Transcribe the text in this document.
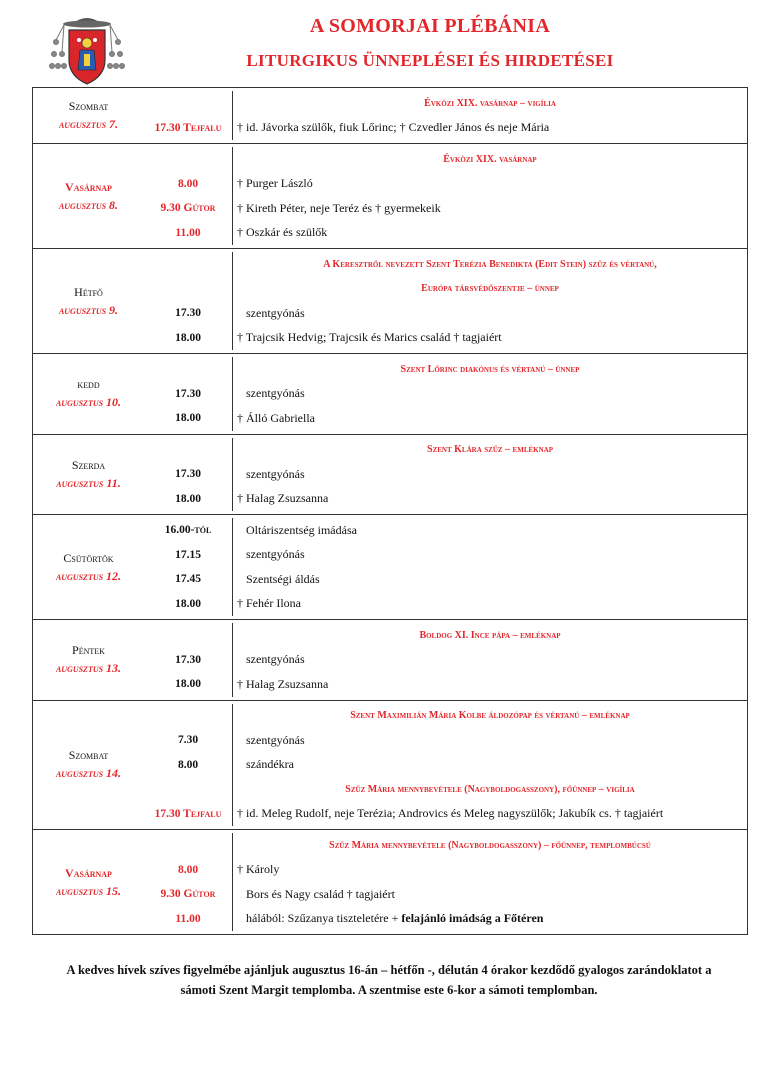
A SOMORJAI PLÉBÁNIA
LITURGIKUS ÜNNEPLÉSEI ÉS HIRDETÉSEI
Szombat
augusztus 7.
Évközi XIX. vasárnap – vigília
17.30 Tejfalu	† id. Jávorka szülők, fiuk Lőrinc; † Czvedler János és neje Mária
Vasárnap
augusztus 8.
Évközi XIX. vasárnap
8.00	† Purger László
9.30 Gútor	† Kireth Péter, neje Teréz és † gyermekeik
11.00	† Oszkár és szülők
Hétfő
augusztus 9.
A Keresztről nevezett Szent Terézia Benedikta (Edit Stein) szűz és vértanú,
Európa társvédőszentje – ünnep
17.30	szentgyónás
18.00	† Trajcsik Hedvig; Trajcsik és Marics család † tagjaiért
kedd
augusztus 10.
Szent Lőrinc diakónus és vértanú – ünnep
17.30	szentgyónás
18.00	† Álló Gabriella
Szerda
augusztus 11.
Szent Klára szűz – emléknap
17.30	szentgyónás
18.00	† Halag Zsuzsanna
Csütörtök
augusztus 12.
16.00-tól	Oltáriszentség imádása
17.15	szentgyónás
17.45	Szentségi áldás
18.00	† Fehér Ilona
Péntek
augusztus 13.
Boldog XI. Ince pápa – emléknap
17.30	szentgyónás
18.00	† Halag Zsuzsanna
Szombat
augusztus 14.
Szent Maximilián Mária Kolbe áldozópap és vértanú – emléknap
7.30	szentgyónás
8.00	szándékra
Szűz Mária mennybevétele (Nagyboldogasszony), főünnep – vigília
17.30 Tejfalu	† id. Meleg Rudolf, neje Terézia; Androvics és Meleg nagyszülők; Jakubík cs. † tagjaiért
Vasárnap
augusztus 15.
Szűz Mária mennybevétele (Nagyboldogasszony) – főünnep, templombúcsú
8.00	† Károly
9.30 Gútor	Bors és Nagy család † tagjaiért
11.00	hálából: Szűzanya tiszteletére + felajánló imádság a Főtéren
A kedves hívek szíves figyelmébe ajánljuk augusztus 16-án – hétfőn -, délután 4 órakor kezdődő gyalogos zarándoklatot a
sámoti Szent Margit templomba. A szentmise este 6-kor a sámoti templomban.
